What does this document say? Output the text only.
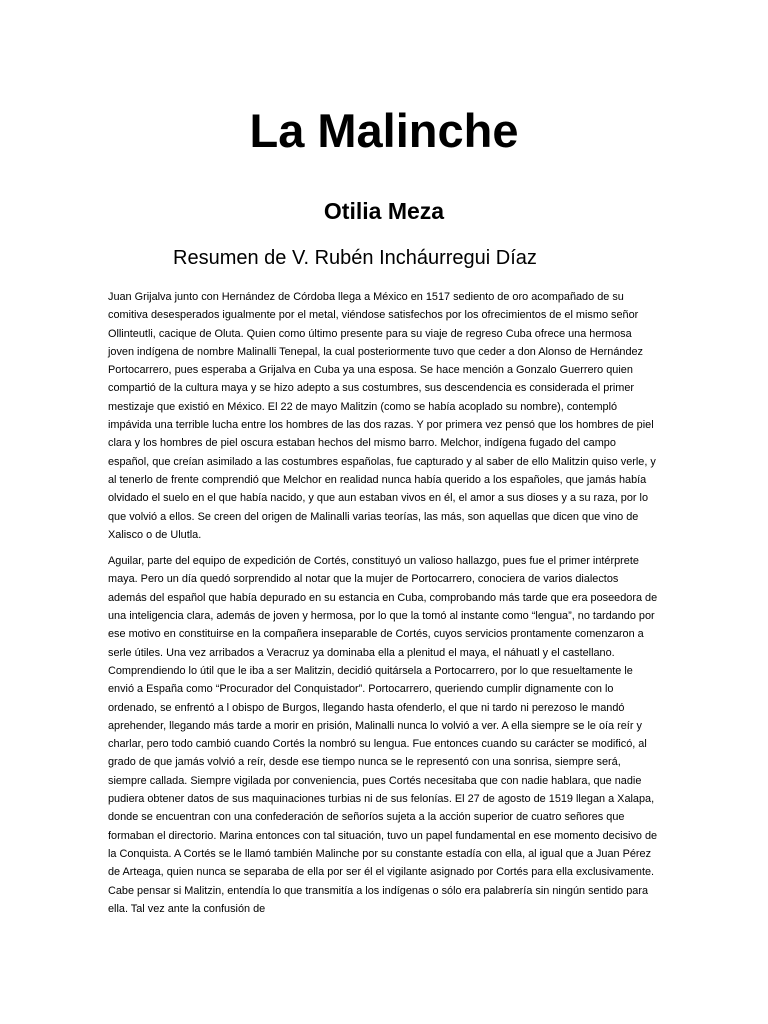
La Malinche
Otilia Meza
Resumen de V. Rubén Incháurregui Díaz

Juan Grijalva junto con Hernández de Córdoba llega a México en 1517 sediento de oro acompañado de su comitiva desesperados igualmente por el metal, viéndose satisfechos por los ofrecimientos de el mismo señor Ollinteutli, cacique de Oluta. Quien como último presente para su viaje de regreso Cuba ofrece una hermosa joven indígena de nombre Malinalli Tenepal, la cual posteriormente tuvo que ceder a don Alonso de Hernández Portocarrero, pues esperaba a Grijalva en Cuba ya una esposa. Se hace mención a Gonzalo Guerrero quien compartió de la cultura maya y se hizo adepto a sus costumbres, sus descendencia es considerada el primer mestizaje que existió en México. El 22 de mayo Malitzin (como se había acoplado su nombre), contempló impávida una terrible lucha entre los hombres de las dos razas. Y por primera vez pensó que los hombres de piel clara y los hombres de piel oscura estaban hechos del mismo barro. Melchor, indígena fugado del campo español, que creían asimilado a las costumbres españolas, fue capturado y al saber de ello Malitzin quiso verle, y al tenerlo de frente comprendió que Melchor en realidad nunca había querido a los españoles, que jamás había olvidado el suelo en el que había nacido, y que aun estaban vivos en él, el amor a sus dioses y a su raza, por lo que volvió a ellos. Se creen del origen de Malinalli varias teorías, las más, son aquellas que dicen que vino de Xalisco o de Ulutla.

Aguilar, parte del equipo de expedición de Cortés, constituyó un valioso hallazgo, pues fue el primer intérprete maya. Pero un día quedó sorprendido al notar que la mujer de Portocarrero, conociera de varios dialectos además del español que había depurado en su estancia en Cuba, comprobando más tarde que era poseedora de una inteligencia clara, además de joven y hermosa, por lo que la tomó al instante como “lengua”, no tardando por ese motivo en constituirse en la compañera inseparable de Cortés, cuyos servicios prontamente comenzaron a serle útiles. Una vez arribados a Veracruz ya dominaba ella a plenitud el maya, el náhuatl y el castellano. Comprendiendo lo útil que le iba a ser Malitzin, decidió quitársela a Portocarrero, por lo que resueltamente le envió a España como “Procurador del Conquistador”. Portocarrero, queriendo cumplir dignamente con lo ordenado, se enfrentó a l obispo de Burgos, llegando hasta ofenderlo, el que ni tardo ni perezoso le mandó aprehender, llegando más tarde a morir en prisión, Malinalli nunca lo volvió a ver. A ella siempre se le oía reír y charlar, pero todo cambió cuando Cortés la nombró su lengua. Fue entonces cuando su carácter se modificó, al grado de que jamás volvió a reír, desde ese tiempo nunca se le representó con una sonrisa, siempre será, siempre callada. Siempre vigilada por conveniencia, pues Cortés necesitaba que con nadie hablara, que nadie pudiera obtener datos de sus maquinaciones turbias ni de sus felonías. El 27 de agosto de 1519 llegan a Xalapa, donde se encuentran con una confederación de señoríos sujeta a la acción superior de cuatro señores que formaban el directorio. Marina entonces con tal situación, tuvo un papel fundamental en ese momento decisivo de la Conquista. A Cortés se le llamó también Malinche por su constante estadía con ella, al igual que a Juan Pérez de Arteaga, quien nunca se separaba de ella por ser él el vigilante asignado por Cortés para ella exclusivamente. Cabe pensar si Malitzin, entendía lo que transmitía a los indígenas o sólo era palabrería sin ningún sentido para ella. Tal vez ante la confusión de
